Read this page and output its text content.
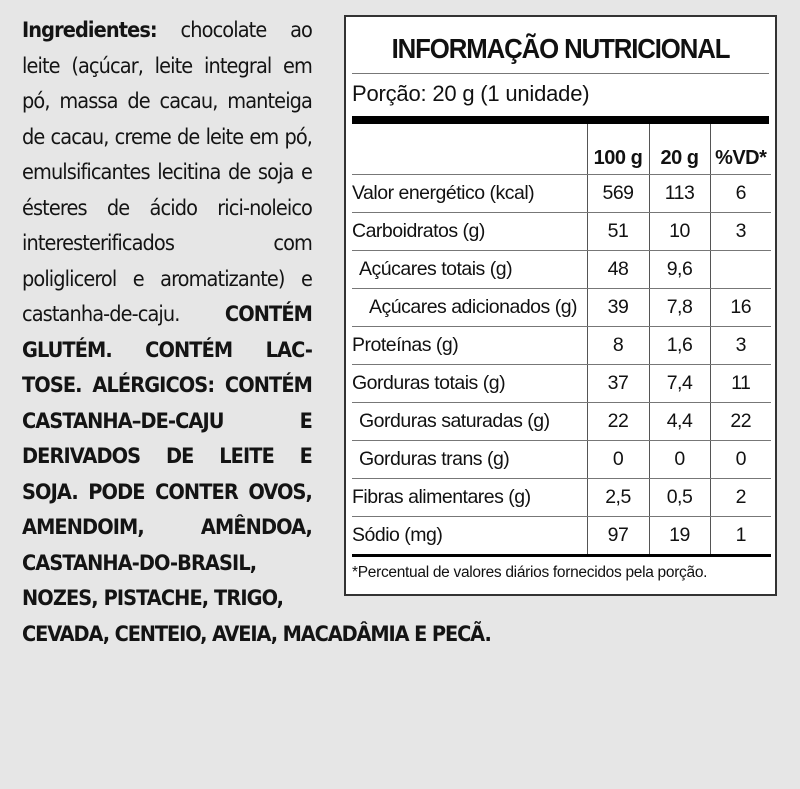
Ingredientes: chocolate ao leite (açúcar, leite integral em pó, massa de cacau, manteiga de cacau, creme de leite em pó, emulsificantes lecitina de soja e ésteres de ácido rici-noleico interesterificados com poliglicerol e aromatizante) e castanha-de-caju. CONTÉM GLUTÉM. CONTÉM LAC-TOSE. ALÉRGICOS: CONTÉM CASTANHA–DE-CAJU E DERIVADOS DE LEITE E SOJA. PODE CONTER OVOS, AMENDOIM, AMÊNDOA, CASTANHA-DO-BRASIL, NOZES, PISTACHE, TRIGO,
CEVADA, CENTEIO, AVEIA, MACADÂMIA E PECÃ.
INFORMAÇÃO NUTRICIONAL
Porção: 20 g (1 unidade)
	100 g	20 g	%VD*
Valor energético (kcal)	569	113	6
Carboidratos (g)	51	10	3
Açúcares totais (g)	48	9,6	
Açúcares adicionados (g)	39	7,8	16
Proteínas (g)	8	1,6	3
Gorduras totais (g)	37	7,4	11
Gorduras saturadas (g)	22	4,4	22
Gorduras trans (g)	0	0	0
Fibras alimentares (g)	2,5	0,5	2
Sódio (mg)	97	19	1
*Percentual de valores diários fornecidos pela porção.
